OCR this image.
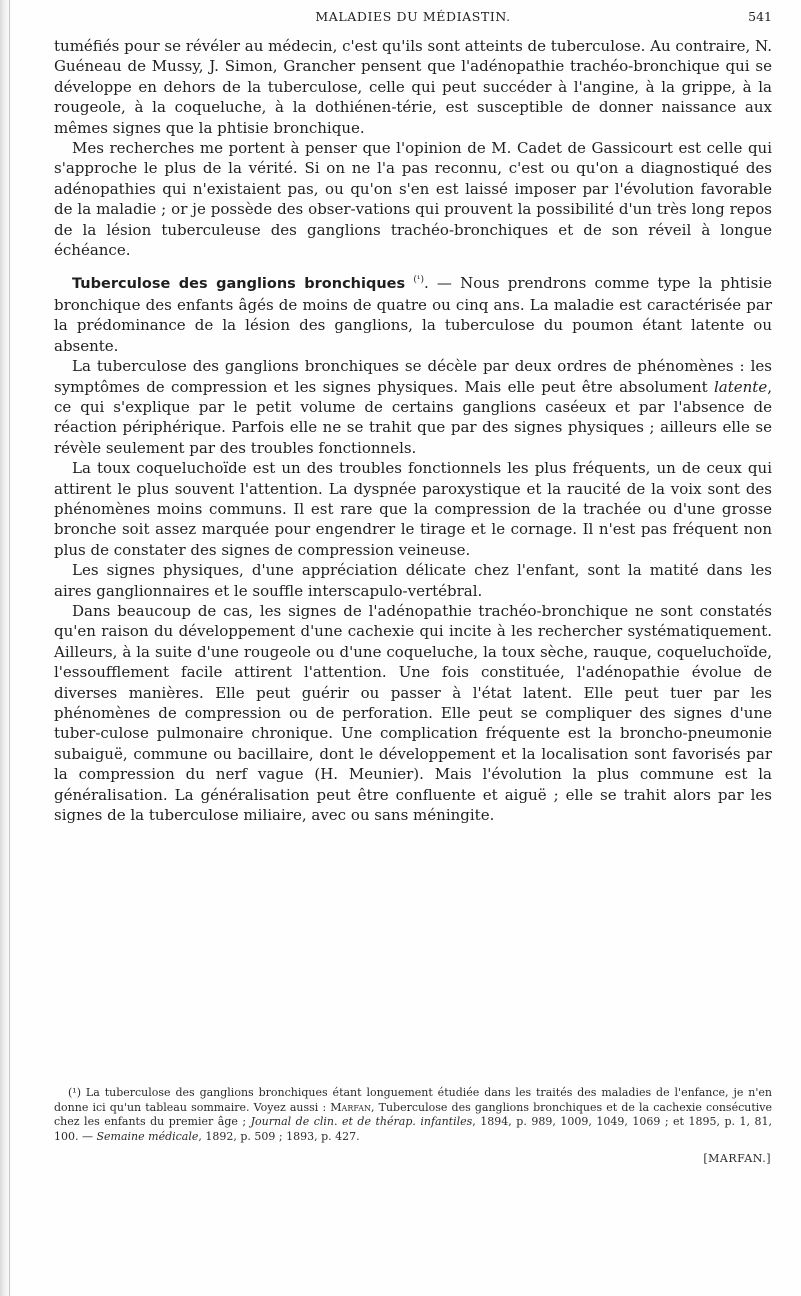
MALADIES DU MÉDIASTIN.	541

tuméfiés pour se révéler au médecin, c'est qu'ils sont atteints de tuberculose. Au contraire, N. Guéneau de Mussy, J. Simon, Grancher pensent que l'adénopathie trachéo-bronchique qui se développe en dehors de la tuberculose, celle qui peut succéder à l'angine, à la grippe, à la rougeole, à la coqueluche, à la dothiénen-térie, est susceptible de donner naissance aux mêmes signes que la phtisie bronchique.

Mes recherches me portent à penser que l'opinion de M. Cadet de Gassicourt est celle qui s'approche le plus de la vérité. Si on ne l'a pas reconnu, c'est ou qu'on a diagnostiqué des adénopathies qui n'existaient pas, ou qu'on s'en est laissé imposer par l'évolution favorable de la maladie ; or je possède des obser-vations qui prouvent la possibilité d'un très long repos de la lésion tuberculeuse des ganglions trachéo-bronchiques et de son réveil à longue échéance.

Tuberculose des ganglions bronchiques $^{(^1)}$. — Nous prendrons comme type la phtisie bronchique des enfants âgés de moins de quatre ou cinq ans. La maladie est caractérisée par la prédominance de la lésion des ganglions, la tuberculose du poumon étant latente ou absente.

La tuberculose des ganglions bronchiques se décèle par deux ordres de phénomènes : les symptômes de compression et les signes physiques. Mais elle peut être absolument latente, ce qui s'explique par le petit volume de certains ganglions caséeux et par l'absence de réaction périphérique. Parfois elle ne se trahit que par des signes physiques ; ailleurs elle se révèle seulement par des troubles fonctionnels.

La toux coqueluchoïde est un des troubles fonctionnels les plus fréquents, un de ceux qui attirent le plus souvent l'attention. La dyspnée paroxystique et la raucité de la voix sont des phénomènes moins communs. Il est rare que la compression de la trachée ou d'une grosse bronche soit assez marquée pour engendrer le tirage et le cornage. Il n'est pas fréquent non plus de constater des signes de compression veineuse.

Les signes physiques, d'une appréciation délicate chez l'enfant, sont la matité dans les aires ganglionnaires et le souffle interscapulo-vertébral.

Dans beaucoup de cas, les signes de l'adénopathie trachéo-bronchique ne sont constatés qu'en raison du développement d'une cachexie qui incite à les rechercher systématiquement. Ailleurs, à la suite d'une rougeole ou d'une coqueluche, la toux sèche, rauque, coqueluchoïde, l'essoufflement facile attirent l'attention. Une fois constituée, l'adénopathie évolue de diverses manières. Elle peut guérir ou passer à l'état latent. Elle peut tuer par les phénomènes de compression ou de perforation. Elle peut se compliquer des signes d'une tuber-culose pulmonaire chronique. Une complication fréquente est la broncho-pneumonie subaiguë, commune ou bacillaire, dont le développement et la localisation sont favorisés par la compression du nerf vague (H. Meunier). Mais l'évolution la plus commune est la généralisation. La généralisation peut être confluente et aiguë ; elle se trahit alors par les signes de la tuberculose miliaire, avec ou sans méningite.

(¹) La tuberculose des ganglions bronchiques étant longuement étudiée dans les traités des maladies de l'enfance, je n'en donne ici qu'un tableau sommaire. Voyez aussi : Marfan, Tuberculose des ganglions bronchiques et de la cachexie consécutive chez les enfants du premier âge ; Journal de clin. et de thérap. infantiles, 1894, p. 989, 1009, 1049, 1069 ; et 1895, p. 1, 81, 100. — Semaine médicale, 1892, p. 509 ; 1893, p. 427.
[MARFAN.]
